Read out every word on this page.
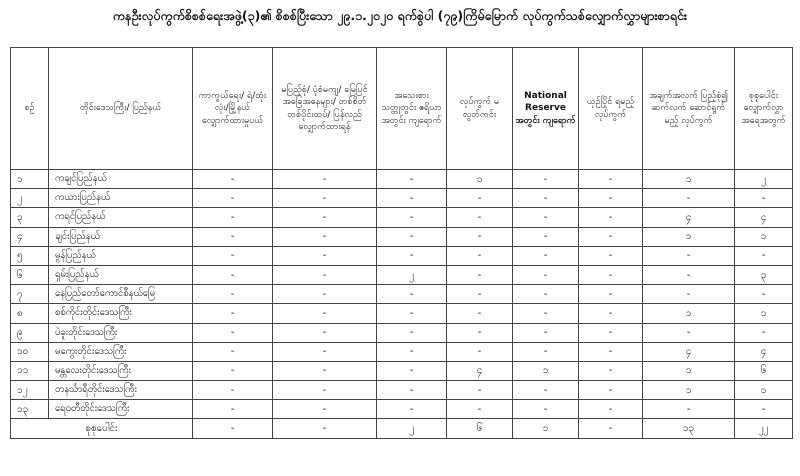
ကနဦးလုပ်ကွက်စိစစ်ရေးအဖွဲ့(၃)၏ စိစစ်ပြီးသော ၂၉.၁.၂၀၂၀ ရက်စွဲပါ (၇၉)ကြိမ်မြောက် လုပ်ကွက်သစ်လျှောက်လွှာများစာရင်း
စဉ်	တိုင်းဒေသကြီး/ ပြည်နယ်	ကာကွယ်ရေး/ ရဲ/ထုံးလုံး/မြို့နယ် လျှောက်ထားမှုပယ်	မပြည့်စုံ/ ပုံစံမကျ/ မြေပြင်အခြေအနေများ/ တစ်စိတ်တစ်ပိုင်းထပ်/ ပြန်လည် လျှောက်ထားရန်	အသေးစား သတ္တုတွင်း ဧရိယာအတွင်း ကျရောက်	လုပ်ကွက် မလွတ်ကင်း	National Reserve အတွင်း ကျရောက်	ယှဉ်ပြိုင် ရမည့် လုပ်ကွက်	အချက်အလက် ပြည့်စုံ၍ ဆက်လက် ဆောင်ရွက်မည့် လုပ်ကွက်	စုစုပေါင်း လျှောက်လွှာ အရေအတွက်
၁	ကချင်ပြည်နယ်	-	-	-	၁	-	-	၁	၂
၂	ကယားပြည်နယ်	-	-	-	-	-	-	-	-
၃	ကရင်ပြည်နယ်	-	-	-	-	-	-	၄	၄
၄	ချင်းပြည်နယ်	-	-	-	-	-	-	၁	၁
၅	မွန်ပြည်နယ်	-	-	-	-	-	-	-	-
၆	ရှမ်းပြည်နယ်	-	-	၂	-	-	-	-	၃
၇	နေပြည်တော်ကောင်စီနယ်မြေ	-	-	-	-	-	-	-	-
၈	စစ်ကိုင်းတိုင်းဒေသကြီး	-	-	-	-	-	-	၁	၁
၉	ပဲခူးတိုင်းဒေသကြီး	-	-	-	-	-	-	-	-
၁၀	မကွေးတိုင်းဒေသကြီး	-	-	-	-	-	-	၄	၄
၁၁	မန္တလေးတိုင်းဒေသကြီး	-	-	-	၄	၁	-	၁	၆
၁၂	တနင်္သာရီတိုင်းဒေသကြီး	-	-	-	-	-	-	၁	၁
၁၃	ရေဝတီတိုင်းဒေသကြီး	-	-	-	-	-	-	-	-
စုစုပေါင်း		-	-	၂	၆	၁	-	၁၃	၂၂
